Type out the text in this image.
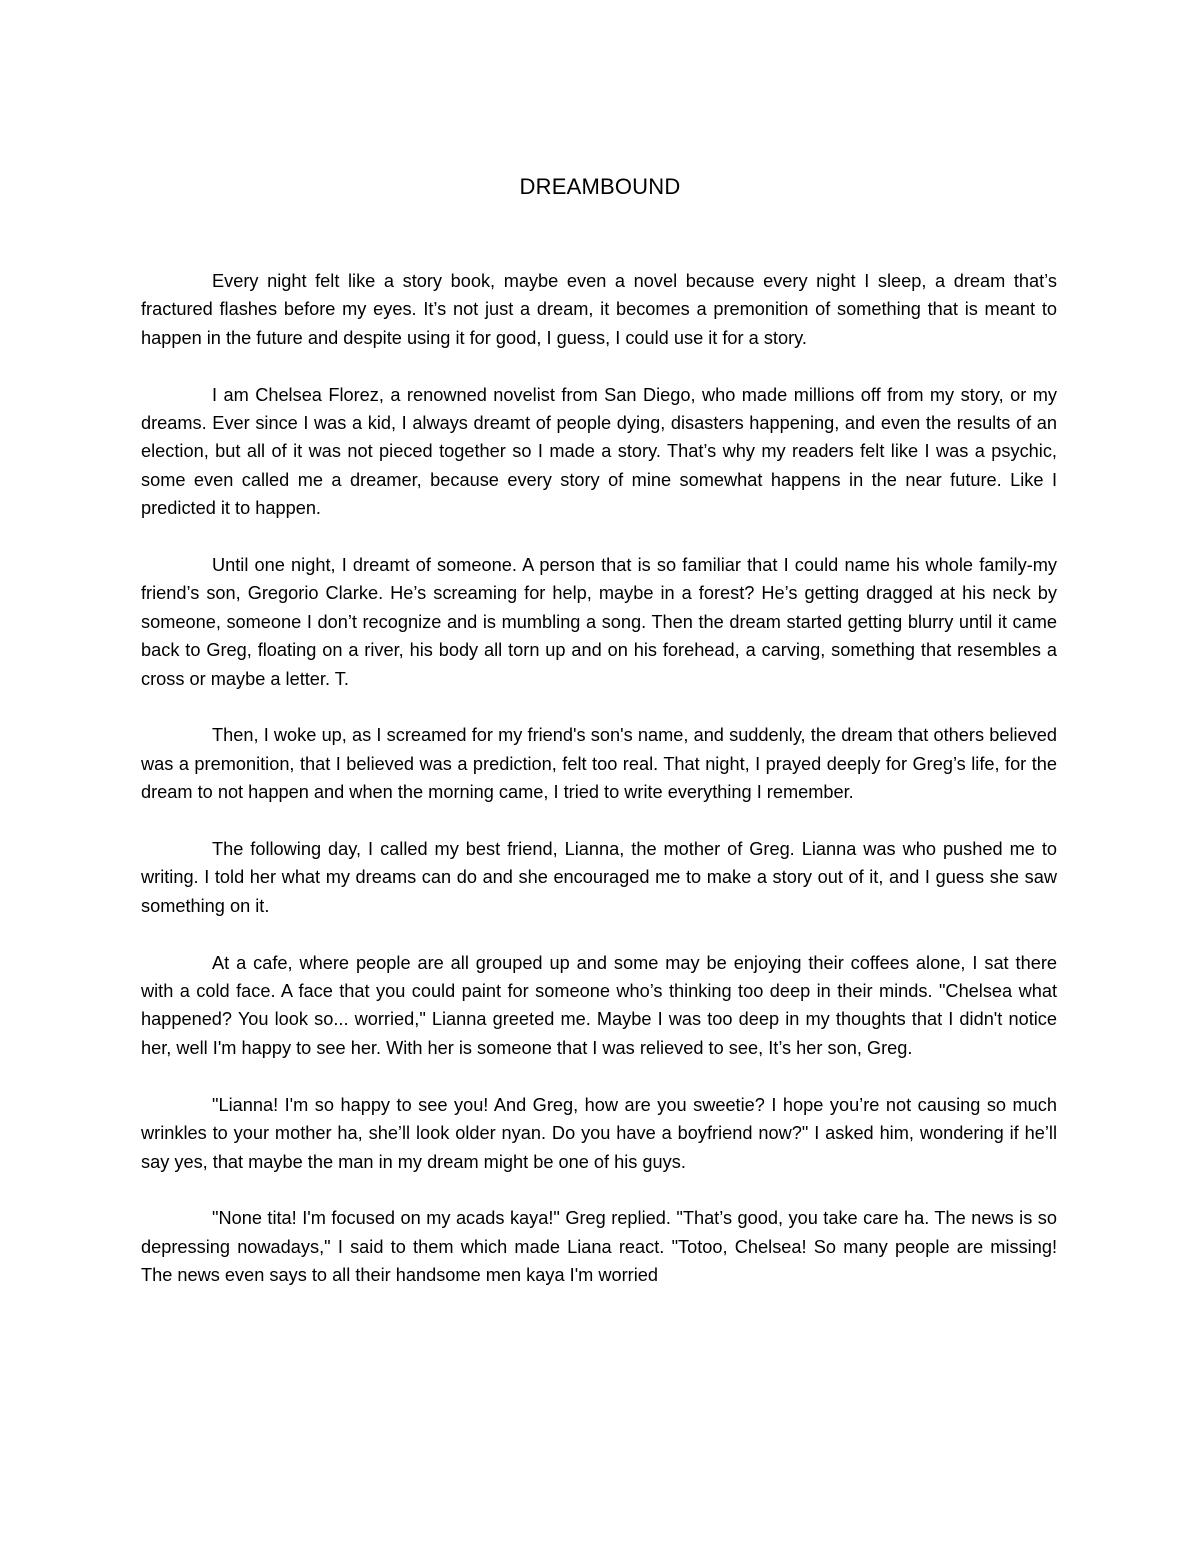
DREAMBOUND

Every night felt like a story book, maybe even a novel because every night I sleep, a dream that’s fractured flashes before my eyes. It’s not just a dream, it becomes a premonition of something that is meant to happen in the future and despite using it for good, I guess, I could use it for a story.

I am Chelsea Florez, a renowned novelist from San Diego, who made millions off from my story, or my dreams. Ever since I was a kid, I always dreamt of people dying, disasters happening, and even the results of an election, but all of it was not pieced together so I made a story. That’s why my readers felt like I was a psychic, some even called me a dreamer, because every story of mine somewhat happens in the near future. Like I predicted it to happen.

Until one night, I dreamt of someone. A person that is so familiar that I could name his whole family-my friend’s son, Gregorio Clarke. He’s screaming for help, maybe in a forest? He’s getting dragged at his neck by someone, someone I don’t recognize and is mumbling a song. Then the dream started getting blurry until it came back to Greg, floating on a river, his body all torn up and on his forehead, a carving, something that resembles a cross or maybe a letter. T.

Then, I woke up, as I screamed for my friend's son's name, and suddenly, the dream that others believed was a premonition, that I believed was a prediction, felt too real. That night, I prayed deeply for Greg’s life, for the dream to not happen and when the morning came, I tried to write everything I remember.

The following day, I called my best friend, Lianna, the mother of Greg. Lianna was who pushed me to writing. I told her what my dreams can do and she encouraged me to make a story out of it, and I guess she saw something on it.

At a cafe, where people are all grouped up and some may be enjoying their coffees alone, I sat there with a cold face. A face that you could paint for someone who’s thinking too deep in their minds. "Chelsea what happened? You look so... worried," Lianna greeted me. Maybe I was too deep in my thoughts that I didn't notice her, well I'm happy to see her. With her is someone that I was relieved to see, It’s her son, Greg.

"Lianna! I'm so happy to see you! And Greg, how are you sweetie? I hope you’re not causing so much wrinkles to your mother ha, she’ll look older nyan. Do you have a boyfriend now?" I asked him, wondering if he’ll say yes, that maybe the man in my dream might be one of his guys.

"None tita! I'm focused on my acads kaya!" Greg replied. "That’s good, you take care ha. The news is so depressing nowadays," I said to them which made Liana react. "Totoo, Chelsea! So many people are missing! The news even says to all their handsome men kaya I'm worried
